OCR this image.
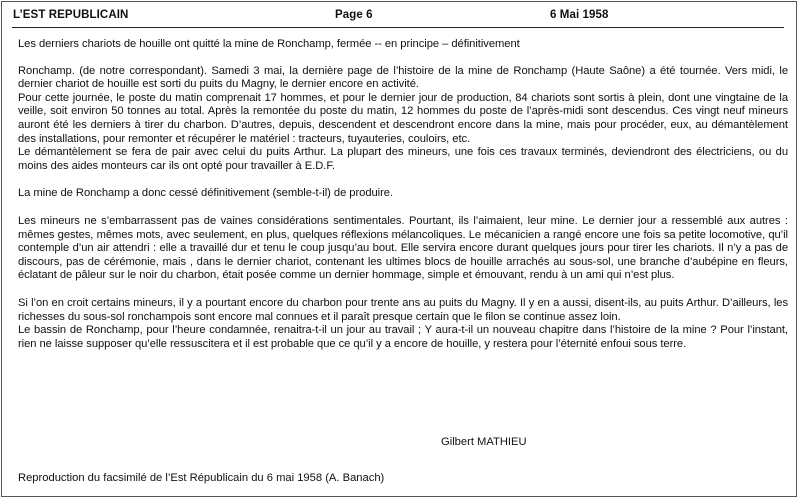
L’EST REPUBLICAIN	Page 6	6 Mai 1958

Les derniers chariots de houille ont quitté la mine de Ronchamp, fermée -- en principe – définitivement

Ronchamp. (de notre correspondant). Samedi 3 mai, la dernière page de l’histoire de la mine de Ronchamp (Haute Saône) a été tournée. Vers midi, le dernier chariot de houille est sorti du puits du Magny, le dernier encore en activité.

Pour cette journée, le poste du matin comprenait 17 hommes, et pour le dernier jour de production, 84 chariots sont sortis à plein, dont une vingtaine de la veille, soit environ 50 tonnes au total. Après la remontée du poste du matin, 12 hommes du poste de l’après-midi sont descendus. Ces vingt neuf mineurs auront été les derniers à tirer du charbon. D’autres, depuis, descendent et descendront encore dans la mine, mais pour procéder, eux, au démantèlement des installations, pour remonter et récupérer le matériel : tracteurs, tuyauteries, couloirs, etc.

Le démantèlement se fera de pair avec celui du puits Arthur. La plupart des mineurs, une fois ces travaux terminés, deviendront des électriciens, ou du moins des aides monteurs car ils ont opté pour travailler à E.D.F.

La mine de Ronchamp a donc cessé définitivement (semble-t-il) de produire.

Les mineurs ne s’embarrassent pas de vaines considérations sentimentales. Pourtant, ils l’aimaient, leur mine. Le dernier jour a ressemblé aux autres : mêmes gestes, mêmes mots, avec seulement, en plus, quelques réflexions mélancoliques. Le mécanicien a rangé encore une fois sa petite locomotive, qu’il contemple d’un air attendri : elle a travaillé dur et tenu le coup jusqu’au bout. Elle servira encore durant quelques jours pour tirer les chariots. Il n’y a pas de discours, pas de cérémonie, mais , dans le dernier chariot, contenant les ultimes blocs de houille arrachés au sous-sol, une branche d’aubépine en fleurs, éclatant de pâleur sur le noir du charbon, était posée comme un dernier hommage, simple et émouvant, rendu à un ami qui n’est plus.

Si l’on en croit certains mineurs, il y a pourtant encore du charbon pour trente ans au puits du Magny. Il y en a aussi, disent-ils, au puits Arthur. D’ailleurs, les richesses du sous-sol ronchampois sont encore mal connues et il paraît presque certain que le filon se continue assez loin.

Le bassin de Ronchamp, pour l’heure condamnée, renaitra-t-il un jour au travail ; Y aura-t-il un nouveau chapitre dans l’histoire de la mine ? Pour l’instant, rien ne laisse supposer qu’elle ressuscitera et il est probable que ce qu’il y a encore de houille, y restera pour l’éternité enfoui sous terre.

Gilbert MATHIEU
Reproduction du facsimilé de l’Est Républicain du 6 mai 1958 (A. Banach)
